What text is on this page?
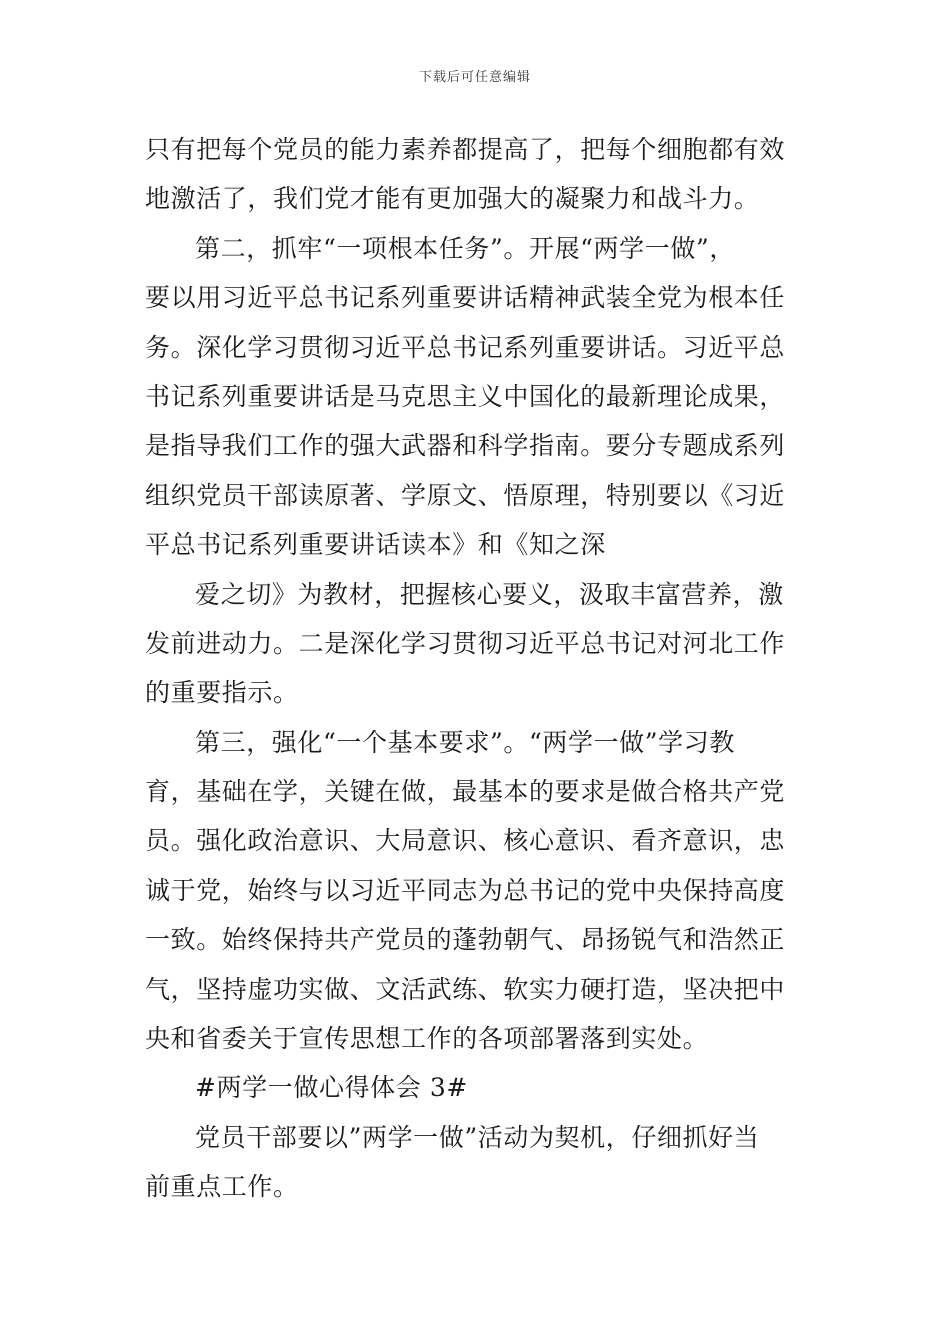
下载后可任意编辑
只有把每个党员的能力素养都提高了，把每个细胞都有效
地激活了，我们党才能有更加强大的凝聚力和战斗力。
第二，抓牢“一项根本任务”。开展“两学一做”，
要以用习近平总书记系列重要讲话精神武装全党为根本任
务。深化学习贯彻习近平总书记系列重要讲话。习近平总
书记系列重要讲话是马克思主义中国化的最新理论成果，
是指导我们工作的强大武器和科学指南。要分专题成系列
组织党员干部读原著、学原文、悟原理，特别要以《习近
平总书记系列重要讲话读本》和《知之深
爱之切》为教材，把握核心要义，汲取丰富营养，激
发前进动力。二是深化学习贯彻习近平总书记对河北工作
的重要指示。
第三，强化“一个基本要求”。“两学一做”学习教
育，基础在学，关键在做，最基本的要求是做合格共产党
员。强化政治意识、大局意识、核心意识、看齐意识，忠
诚于党，始终与以习近平同志为总书记的党中央保持高度
一致。始终保持共产党员的蓬勃朝气、昂扬锐气和浩然正
气，坚持虚功实做、文活武练、软实力硬打造，坚决把中
央和省委关于宣传思想工作的各项部署落到实处。
#两学一做心得体会 3#
党员干部要以”两学一做”活动为契机，仔细抓好当
前重点工作。
